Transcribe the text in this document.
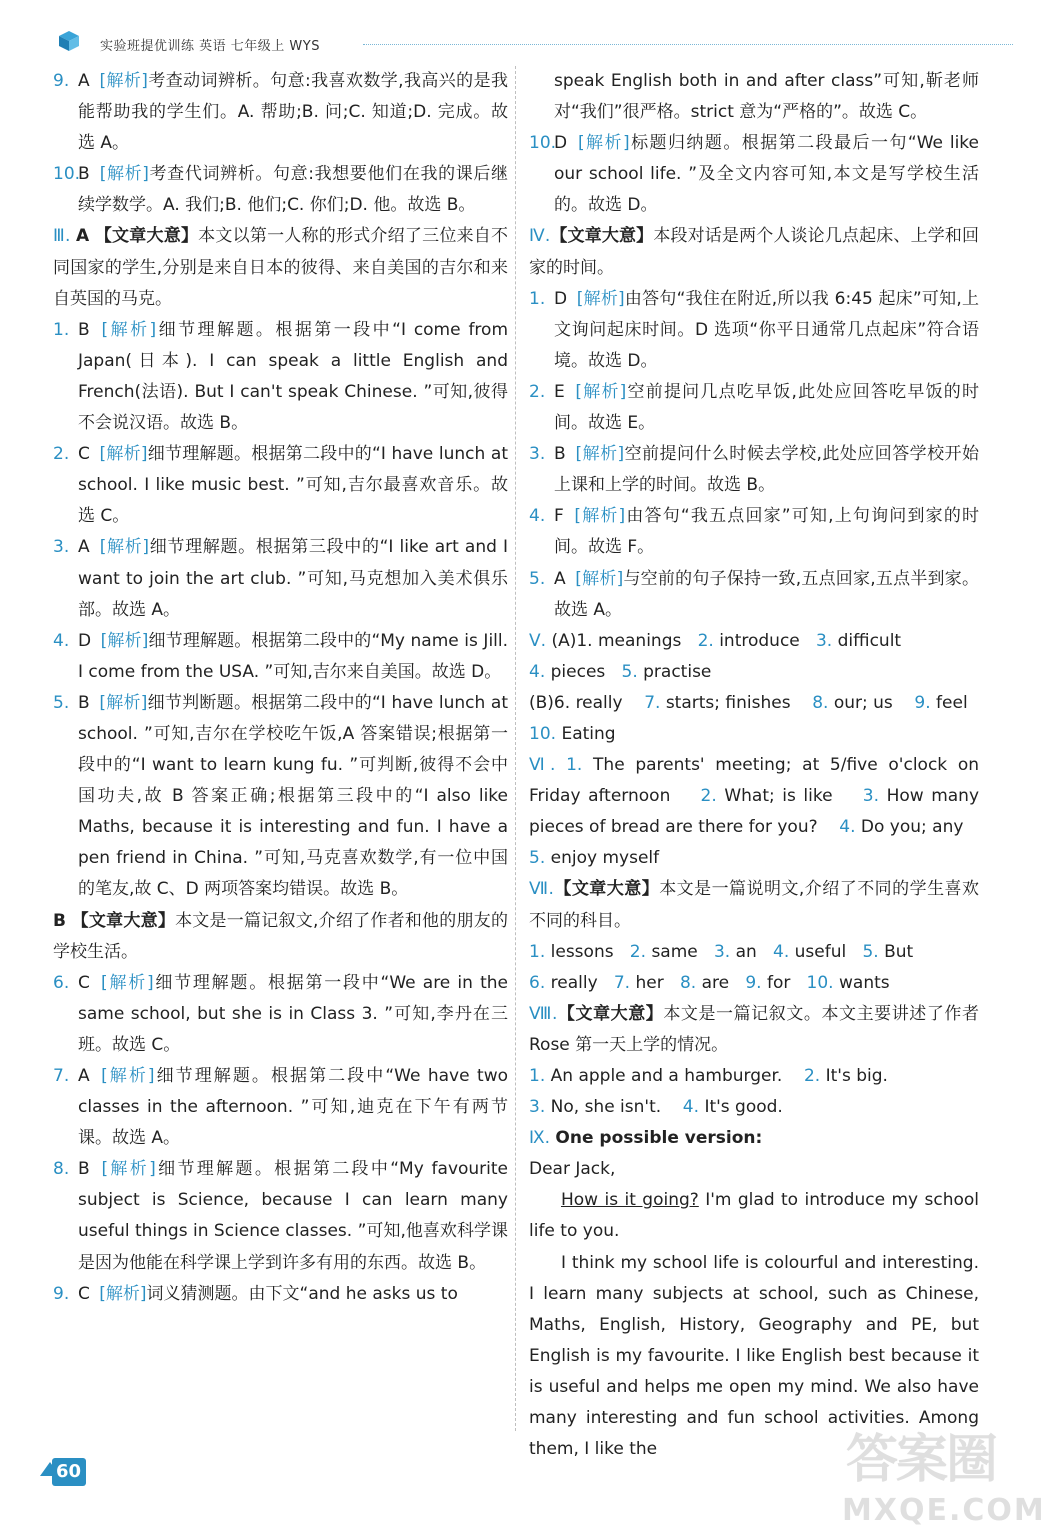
实验班提优训练 英语 七年级上 WYS
9. A [解析]考查动词辨析。句意:我喜欢数学,我高兴的是我能帮助我的学生们。A. 帮助;B. 问;C. 知道;D. 完成。故选 A。
10.
B [解析]考查代词辨析。句意:我想要他们在我的课后继续学数学。A. 我们;B. 他们;C. 你们;D. 他。故选 B。
Ⅲ. A 【文章大意】本文以第一人称的形式介绍了三位来自不同国家的学生,分别是来自日本的彼得、来自美国的吉尔和来自英国的马克。
1. B [解析]细节理解题。根据第一段中“I come from Japan(日本). I can speak a little English and French(法语). But I can't speak Chinese. ”可知,彼得不会说汉语。故选 B。
2. C [解析]细节理解题。根据第二段中的“I have lunch at school. I like music best. ”可知,吉尔最喜欢音乐。故选 C。
3. A [解析]细节理解题。根据第三段中的“I like art and I want to join the art club. ”可知,马克想加入美术俱乐部。故选 A。
4. D [解析]细节理解题。根据第二段中的“My name is Jill. I come from the USA. ”可知,吉尔来自美国。故选 D。
5. B [解析]细节判断题。根据第二段中的“I have lunch at school. ”可知,吉尔在学校吃午饭,A 答案错误;根据第一段中的“I want to learn kung fu. ”可判断,彼得不会中国功夫,故 B 答案正确;根据第三段中的“I also like Maths, because it is interesting and fun. I have a pen friend in China. ”可知,马克喜欢数学,有一位中国的笔友,故 C、D 两项答案均错误。故选 B。
B 【文章大意】本文是一篇记叙文,介绍了作者和他的朋友的学校生活。
6. C [解析]细节理解题。根据第一段中“We are in the same school, but she is in Class 3. ”可知,李丹在三班。故选 C。
7. A [解析]细节理解题。根据第二段中“We have two classes in the afternoon. ”可知,迪克在下午有两节课。故选 A。
8. B [解析]细节理解题。根据第二段中“My favourite subject is Science, because I can learn many useful things in Science classes. ”可知,他喜欢科学课是因为他能在科学课上学到许多有用的东西。故选 B。
9. C [解析]词义猜测题。由下文“and he asks us to
speak English both in and after class”可知,靳老师对“我们”很严格。strict 意为“严格的”。故选 C。
10.
D [解析]标题归纳题。根据第二段最后一句“We like our school life. ”及全文内容可知,本文是写学校生活的。故选 D。
Ⅳ.【文章大意】本段对话是两个人谈论几点起床、上学和回家的时间。
1. D [解析]由答句“我住在附近,所以我 6:45 起床”可知,上文询问起床时间。D 选项“你平日通常几点起床”符合语境。故选 D。
2. E [解析]空前提问几点吃早饭,此处应回答吃早饭的时间。故选 E。
3. B [解析]空前提问什么时候去学校,此处应回答学校开始上课和上学的时间。故选 B。
4. F [解析]由答句“我五点回家”可知,上句询问到家的时间。故选 F。
5. A [解析]与空前的句子保持一致,五点回家,五点半到家。故选 A。
Ⅴ. (A)1. meanings 2. introduce 3. difficult
4. pieces 5. practise
(B)6. really 7. starts; finishes 8. our; us 9. feel
10. Eating
Ⅵ. 1. The parents' meeting; at 5/five o'clock on Friday afternoon 2. What; is like 3. How many pieces of bread are there for you? 4. Do you; any
5. enjoy myself
Ⅶ.【文章大意】本文是一篇说明文,介绍了不同的学生喜欢不同的科目。
1. lessons 2. same 3. an 4. useful 5. But
6. really 7. her 8. are 9. for 10. wants
Ⅷ.【文章大意】本文是一篇记叙文。本文主要讲述了作者 Rose 第一天上学的情况。
1. An apple and a hamburger. 2. It's big.
3. No, she isn't. 4. It's good.
Ⅸ. One possible version:
Dear Jack,
How is it going? I'm glad to introduce my school life to you.
I think my school life is colourful and interesting. I learn many subjects at school, such as Chinese, Maths, English, History, Geography and PE, but English is my favourite. I like English best because it is useful and helps me open my mind. We also have many interesting and fun school activities. Among them, I like the
60	答案圈
MXQE.COM
